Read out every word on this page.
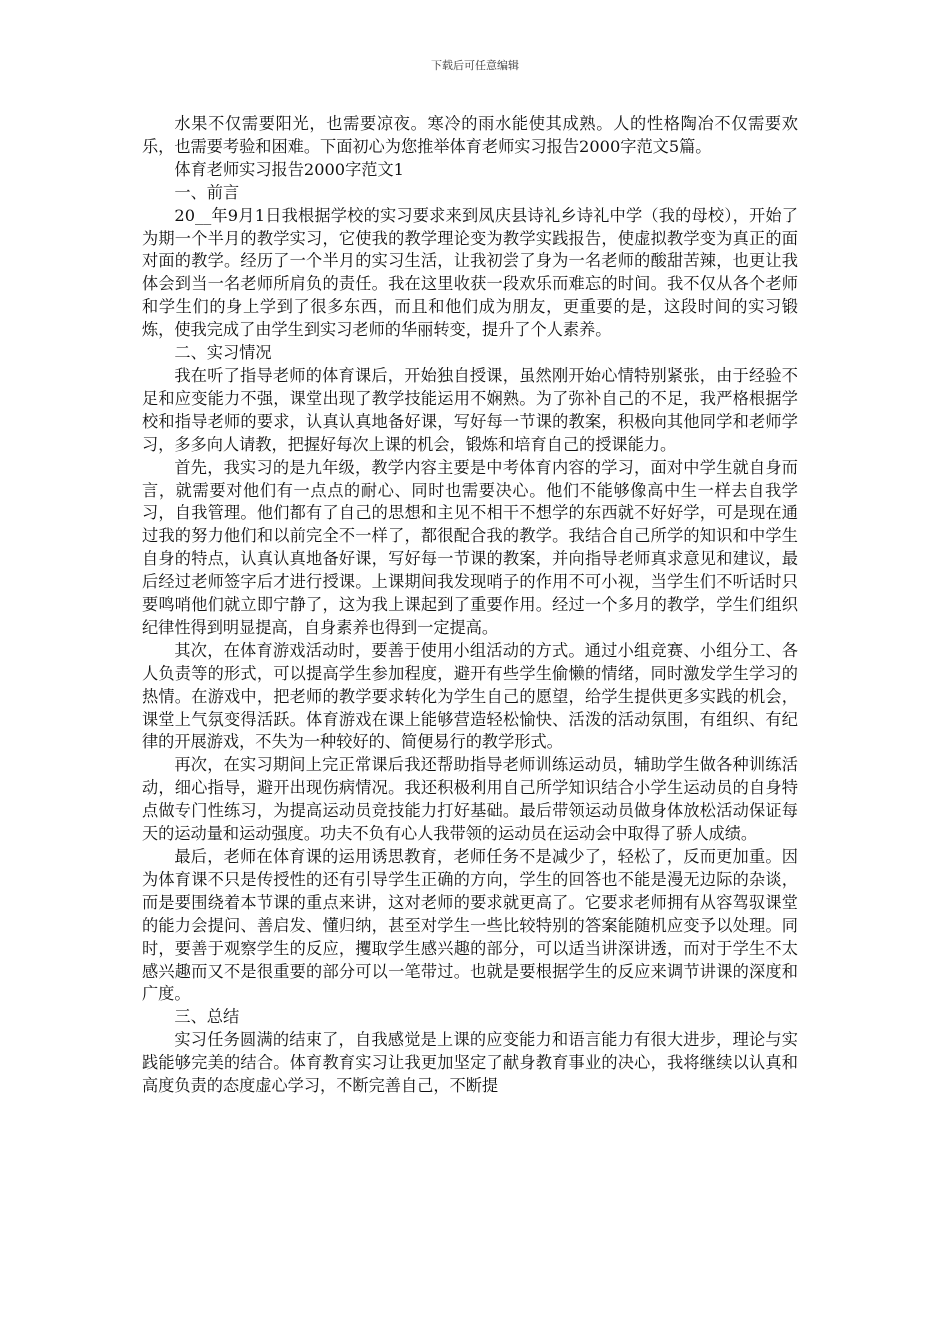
下载后可任意编辑

水果不仅需要阳光，也需要凉夜。寒冷的雨水能使其成熟。人的性格陶冶不仅需要欢乐，也需要考验和困难。下面初心为您推举体育老师实习报告2000字范文5篇。

体育老师实习报告2000字范文1

一、前言

20__年9月1日我根据学校的实习要求来到凤庆县诗礼乡诗礼中学（我的母校），开始了为期一个半月的教学实习，它使我的教学理论变为教学实践报告，使虚拟教学变为真正的面对面的教学。经历了一个半月的实习生活，让我初尝了身为一名老师的酸甜苦辣，也更让我体会到当一名老师所肩负的责任。我在这里收获一段欢乐而难忘的时间。我不仅从各个老师和学生们的身上学到了很多东西，而且和他们成为朋友，更重要的是，这段时间的实习锻炼，使我完成了由学生到实习老师的华丽转变，提升了个人素养。

二、实习情况

我在听了指导老师的体育课后，开始独自授课，虽然刚开始心情特别紧张，由于经验不足和应变能力不强，课堂出现了教学技能运用不娴熟。为了弥补自己的不足，我严格根据学校和指导老师的要求，认真认真地备好课，写好每一节课的教案，积极向其他同学和老师学习，多多向人请教，把握好每次上课的机会，锻炼和培育自己的授课能力。

首先，我实习的是九年级，教学内容主要是中考体育内容的学习，面对中学生就自身而言，就需要对他们有一点点的耐心、同时也需要决心。他们不能够像高中生一样去自我学习，自我管理。他们都有了自己的思想和主见不相干不想学的东西就不好好学，可是现在通过我的努力他们和以前完全不一样了，都很配合我的教学。我结合自己所学的知识和中学生自身的特点，认真认真地备好课，写好每一节课的教案，并向指导老师真求意见和建议，最后经过老师签字后才进行授课。上课期间我发现哨子的作用不可小视，当学生们不听话时只要鸣哨他们就立即宁静了，这为我上课起到了重要作用。经过一个多月的教学，学生们组织纪律性得到明显提高，自身素养也得到一定提高。

其次，在体育游戏活动时，要善于使用小组活动的方式。通过小组竞赛、小组分工、各人负责等的形式，可以提高学生参加程度，避开有些学生偷懒的情绪，同时激发学生学习的热情。在游戏中，把老师的教学要求转化为学生自己的愿望，给学生提供更多实践的机会，课堂上气氛变得活跃。体育游戏在课上能够营造轻松愉快、活泼的活动氛围，有组织、有纪律的开展游戏，不失为一种较好的、简便易行的教学形式。

再次，在实习期间上完正常课后我还帮助指导老师训练运动员，辅助学生做各种训练活动，细心指导，避开出现伤病情况。我还积极利用自己所学知识结合小学生运动员的自身特点做专门性练习，为提高运动员竞技能力打好基础。最后带领运动员做身体放松活动保证每天的运动量和运动强度。功夫不负有心人我带领的运动员在运动会中取得了骄人成绩。

最后，老师在体育课的运用诱思教育，老师任务不是减少了，轻松了，反而更加重。因为体育课不只是传授性的还有引导学生正确的方向，学生的回答也不能是漫无边际的杂谈，而是要围绕着本节课的重点来讲，这对老师的要求就更高了。它要求老师拥有从容驾驭课堂的能力会提问、善启发、懂归纳，甚至对学生一些比较特别的答案能随机应变予以处理。同时，要善于观察学生的反应，攫取学生感兴趣的部分，可以适当讲深讲透，而对于学生不太感兴趣而又不是很重要的部分可以一笔带过。也就是要根据学生的反应来调节讲课的深度和广度。

三、总结

实习任务圆满的结束了，自我感觉是上课的应变能力和语言能力有很大进步，理论与实践能够完美的结合。体育教育实习让我更加坚定了献身教育事业的决心，我将继续以认真和高度负责的态度虚心学习，不断完善自己，不断提
